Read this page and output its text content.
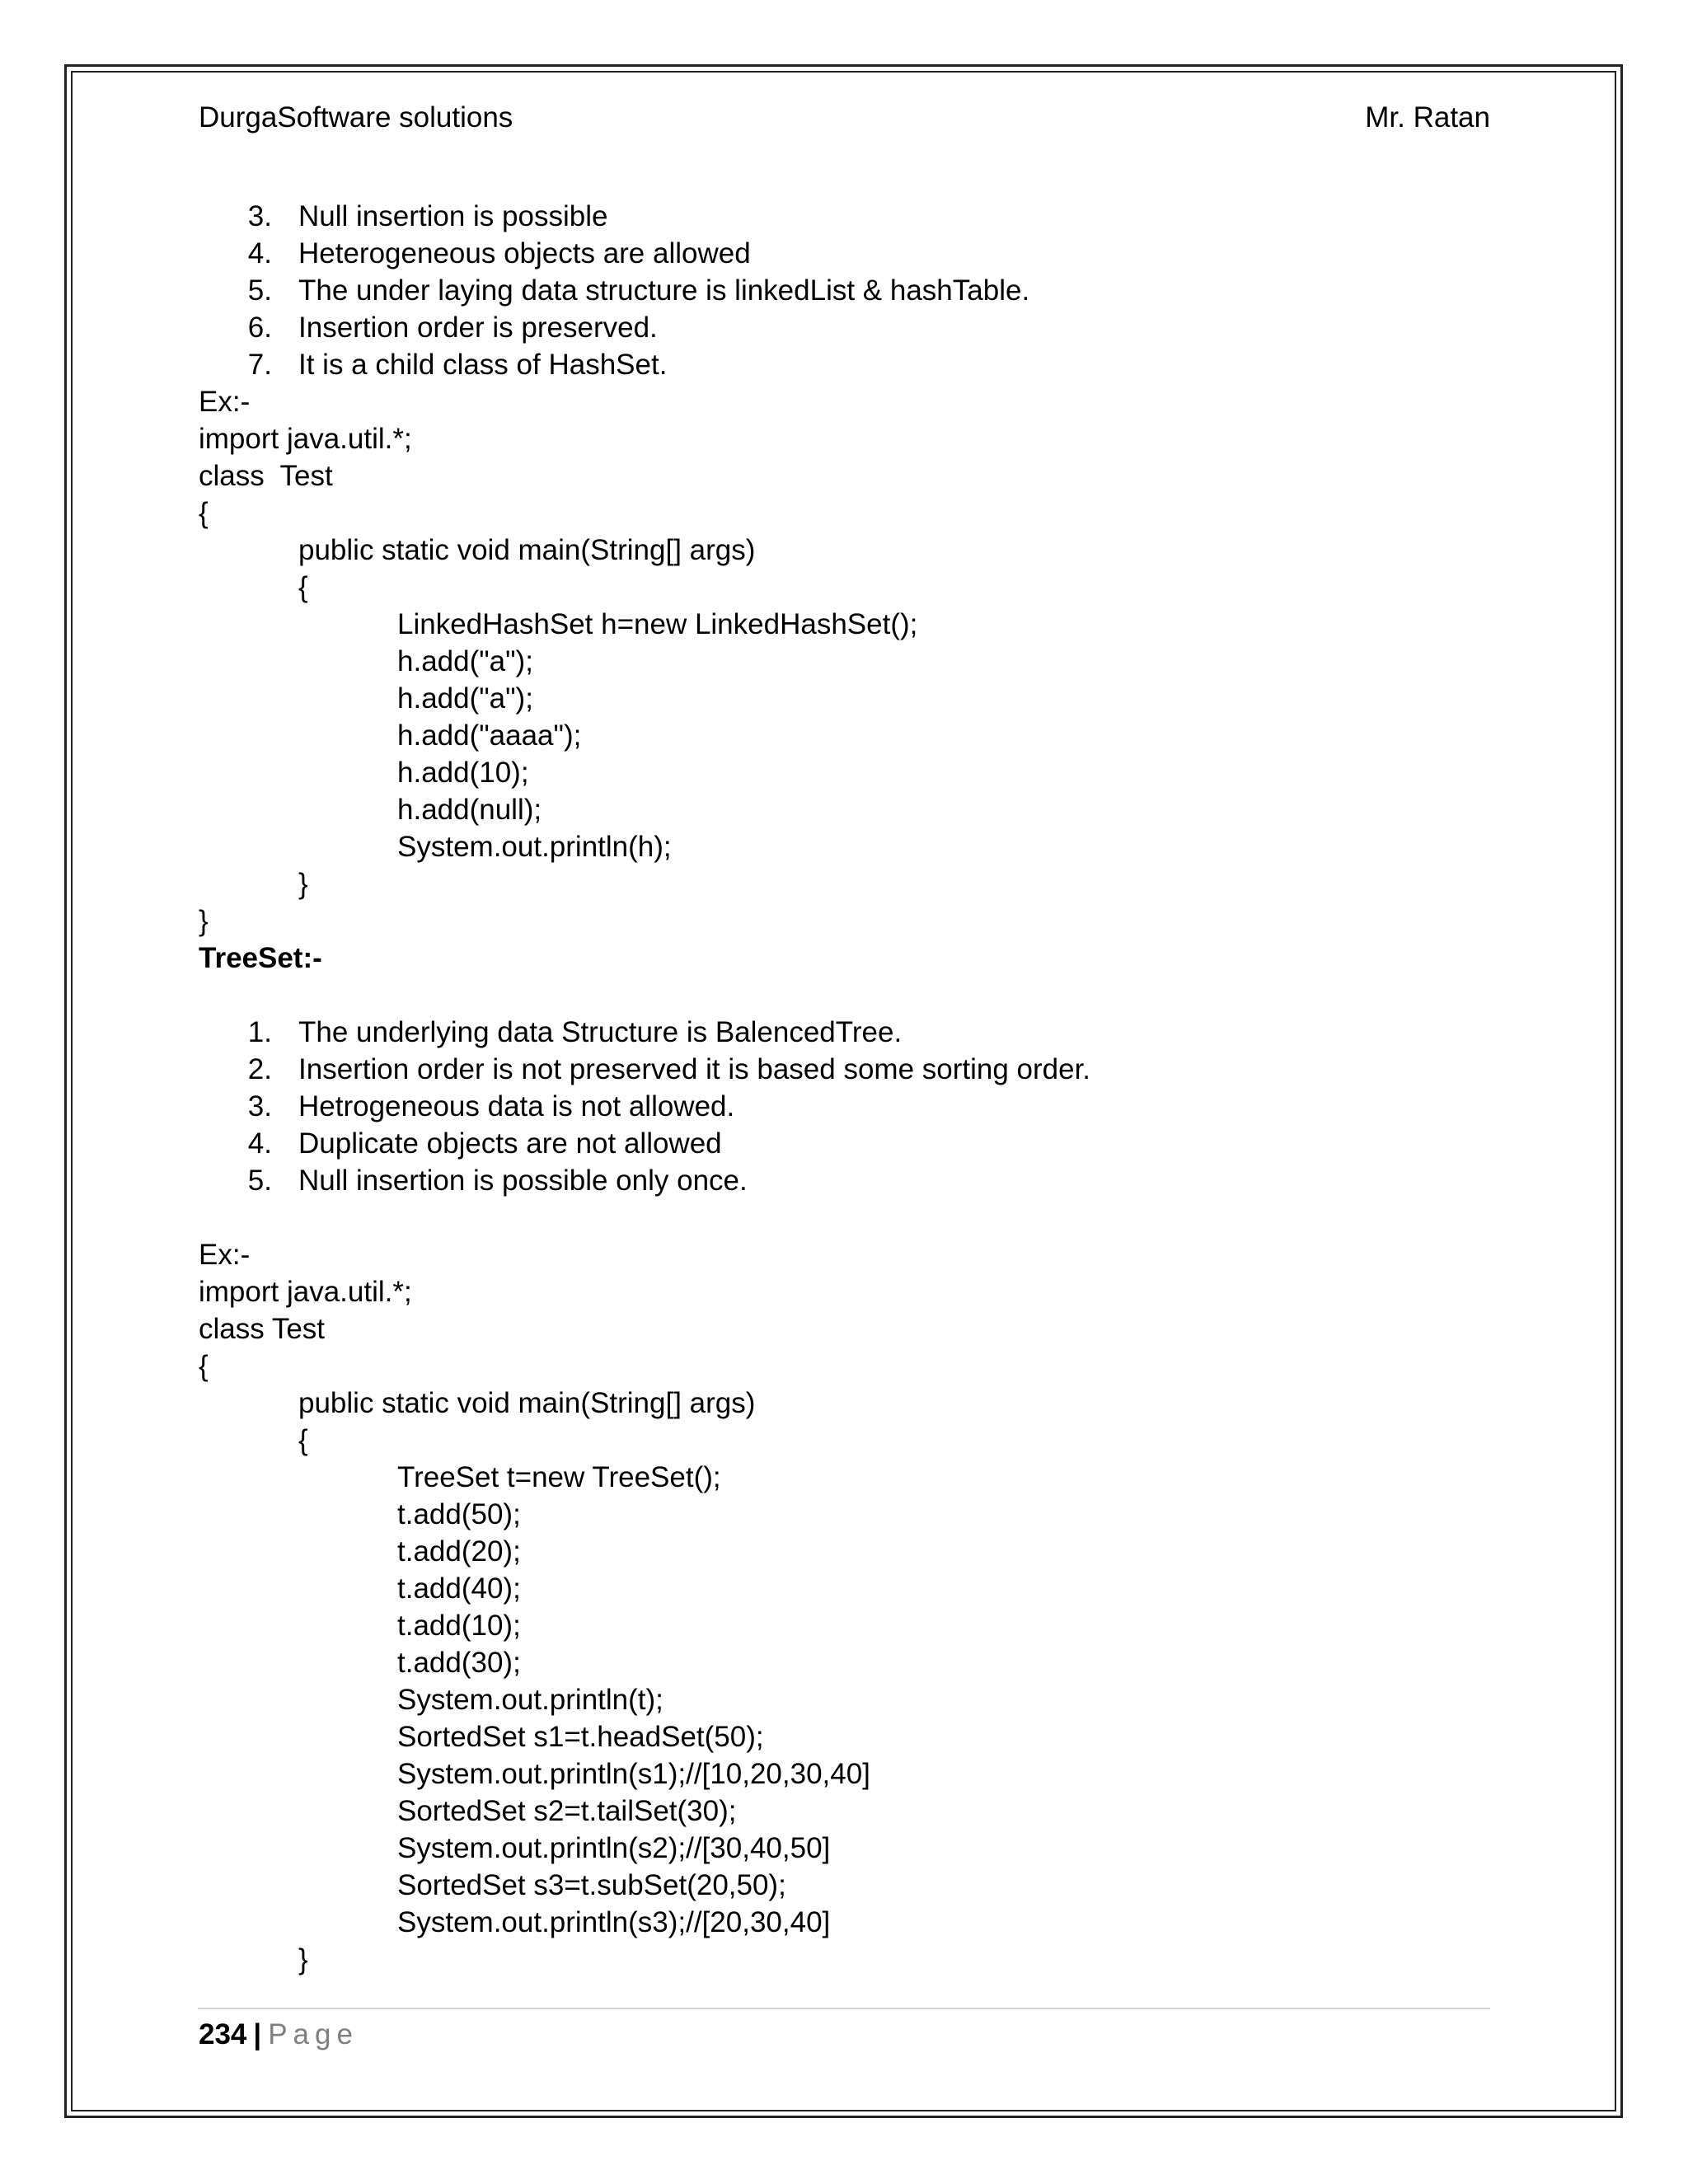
DurgaSoftware solutions	Mr. Ratan
3. Null insertion is possible
4. Heterogeneous objects are allowed
5. The under laying data structure is linkedList & hashTable.
6. Insertion order is preserved.
7. It is a child class of HashSet.
Ex:-
import java.util.*;
class  Test
{
public static void main(String[] args)
{
LinkedHashSet h=new LinkedHashSet();
h.add("a");
h.add("a");
h.add("aaaa");
h.add(10);
h.add(null);
System.out.println(h);
}
}
TreeSet:-
1. The underlying data Structure is BalencedTree.
2. Insertion order is not preserved it is based some sorting order.
3. Hetrogeneous data is not allowed.
4. Duplicate objects are not allowed
5. Null insertion is possible only once.
Ex:-
import java.util.*;
class Test
{
public static void main(String[] args)
{
TreeSet t=new TreeSet();
t.add(50);
t.add(20);
t.add(40);
t.add(10);
t.add(30);
System.out.println(t);
SortedSet s1=t.headSet(50);
System.out.println(s1);//[10,20,30,40]
SortedSet s2=t.tailSet(30);
System.out.println(s2);//[30,40,50]
SortedSet s3=t.subSet(20,50);
System.out.println(s3);//[20,30,40]
}
234 | Page
